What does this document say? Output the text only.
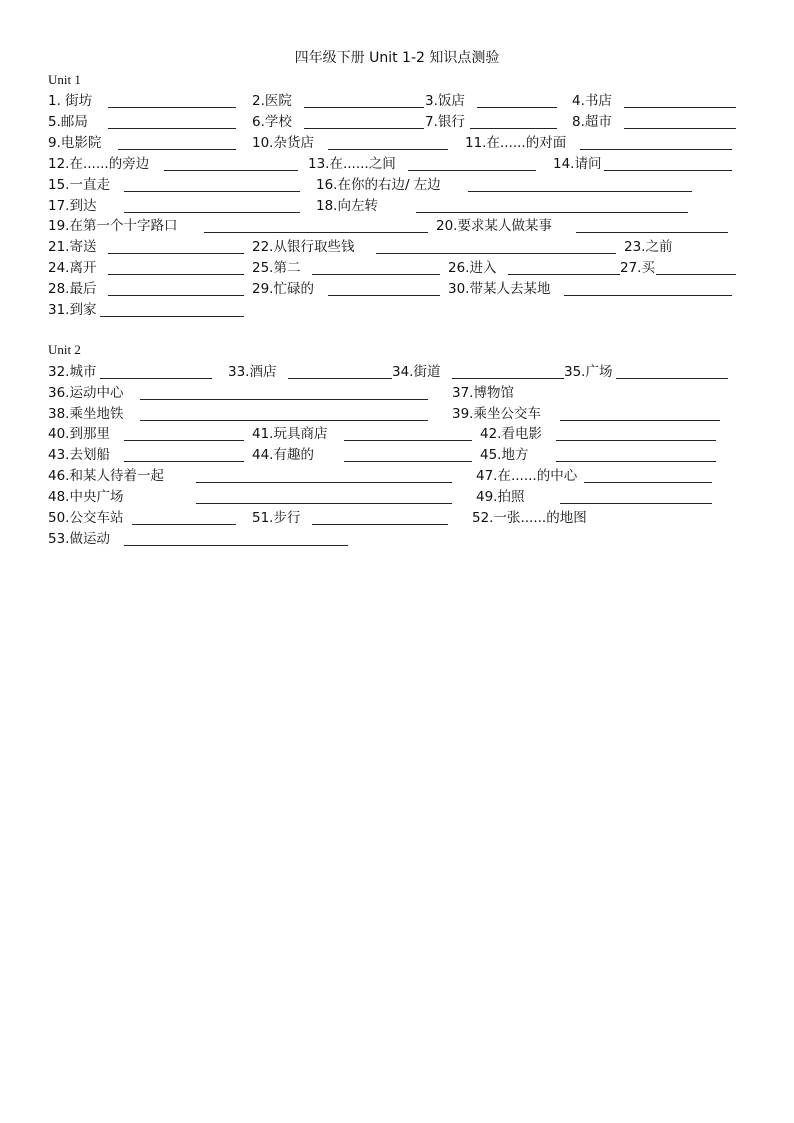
四年级下册 Unit 1-2 知识点测验
Unit 1
1. 街坊	2.医院	3.饭店	4.书店
5.邮局	6.学校	7.银行	8.超市
9.电影院	10.杂货店	11.在......的对面
12.在......的旁边	13.在......之间	14.请问
15.一直走	16.在你的右边/ 左边
17.到达	18.向左转
19.在第一个十字路口	20.要求某人做某事
21.寄送	22.从银行取些钱	23.之前
24.离开	25.第二	26.进入	27.买
28.最后	29.忙碌的	30.带某人去某地
31.到家
Unit 2
32.城市	33.酒店	34.街道	35.广场
36.运动中心	37.博物馆
38.乘坐地铁	39.乘坐公交车
40.到那里	41.玩具商店	42.看电影
43.去划船	44.有趣的	45.地方
46.和某人待着一起	47.在......的中心
48.中央广场	49.拍照
50.公交车站	51.步行	52.一张......的地图
53.做运动
